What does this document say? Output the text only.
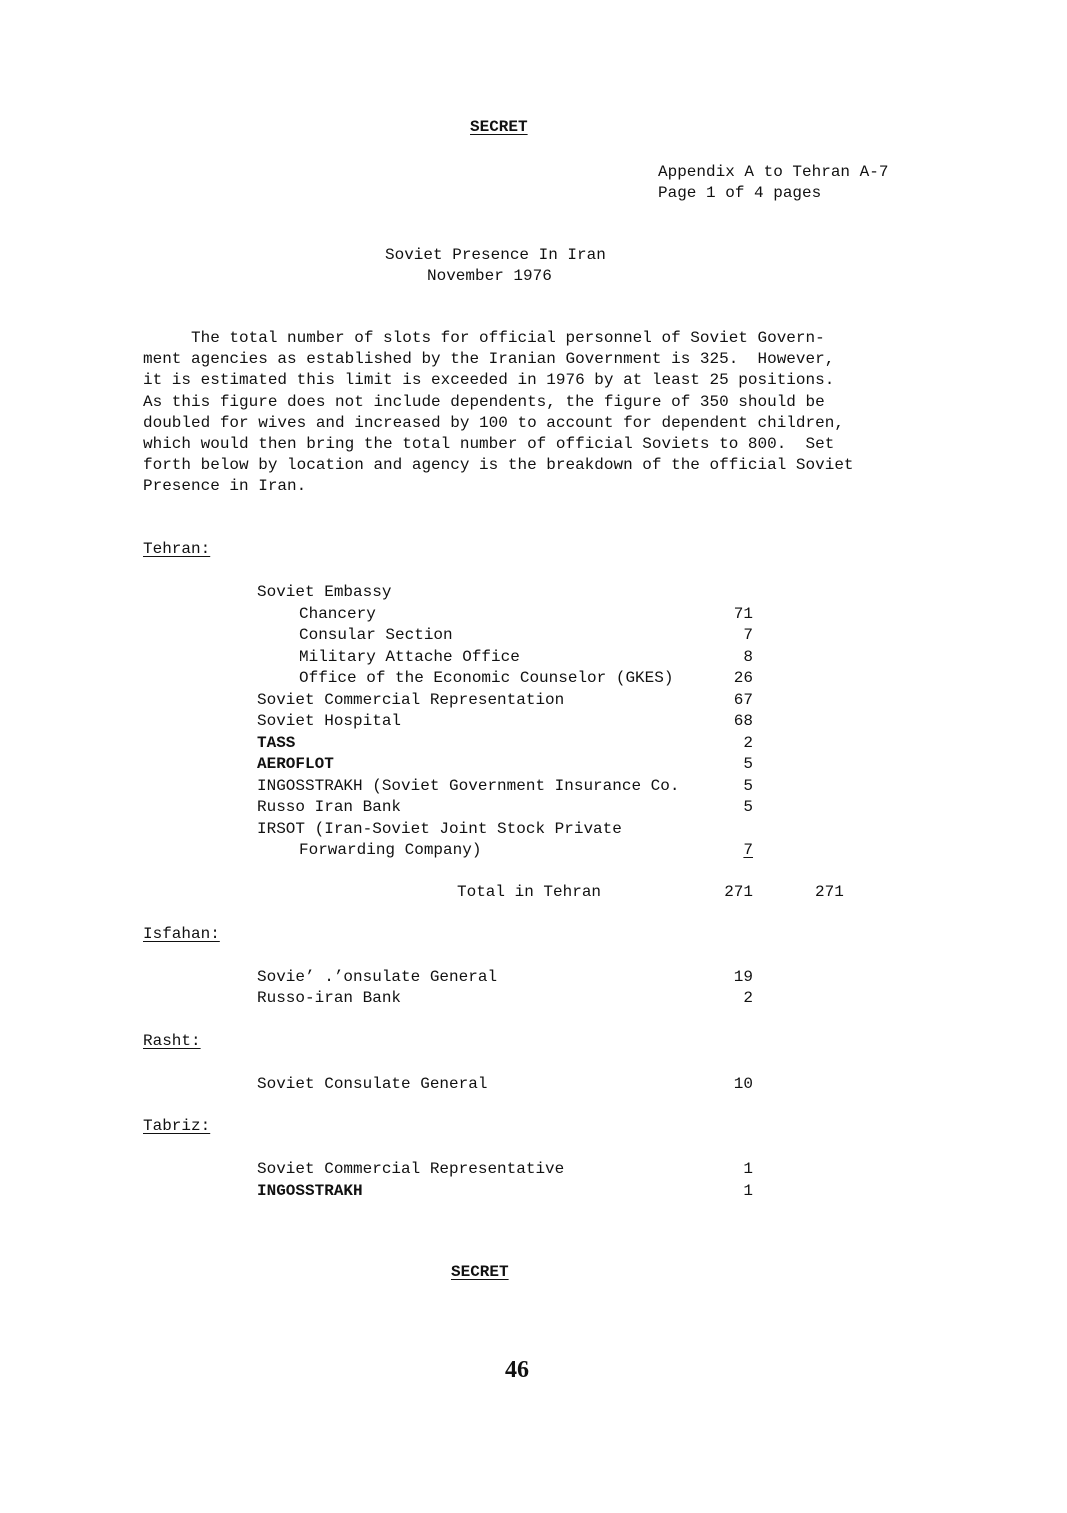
SECRET
Appendix A to Tehran A-7
Page 1 of 4 pages
Soviet Presence In Iran
November 1976
The total number of slots for official personnel of Soviet Govern-
ment agencies as established by the Iranian Government is 325.  However,
it is estimated this limit is exceeded in 1976 by at least 25 positions.
As this figure does not include dependents, the figure of 350 should be
doubled for wives and increased by 100 to account for dependent children,
which would then bring the total number of official Soviets to 800.  Set
forth below by location and agency is the breakdown of the official Soviet
Presence in Iran.
Tehran:
Soviet Embassy
Chancery	71
Consular Section	7
Military Attache Office	8
Office of the Economic Counselor (GKES)	26
Soviet Commercial Representation	67
Soviet Hospital	68
TASS	2
AEROFLOT	5
INGOSSTRAKH (Soviet Government Insurance Co.	5
Russo Iran Bank	5
IRSOT (Iran-Soviet Joint Stock Private
Forwarding Company)	7
Total in Tehran	271	271
Isfahan:
Sovie’ .’onsulate General	19
Russo-iran Bank	2
Rasht:
Soviet Consulate General	10
Tabriz:
Soviet Commercial Representative	1
INGOSSTRAKH	1
SECRET
46
